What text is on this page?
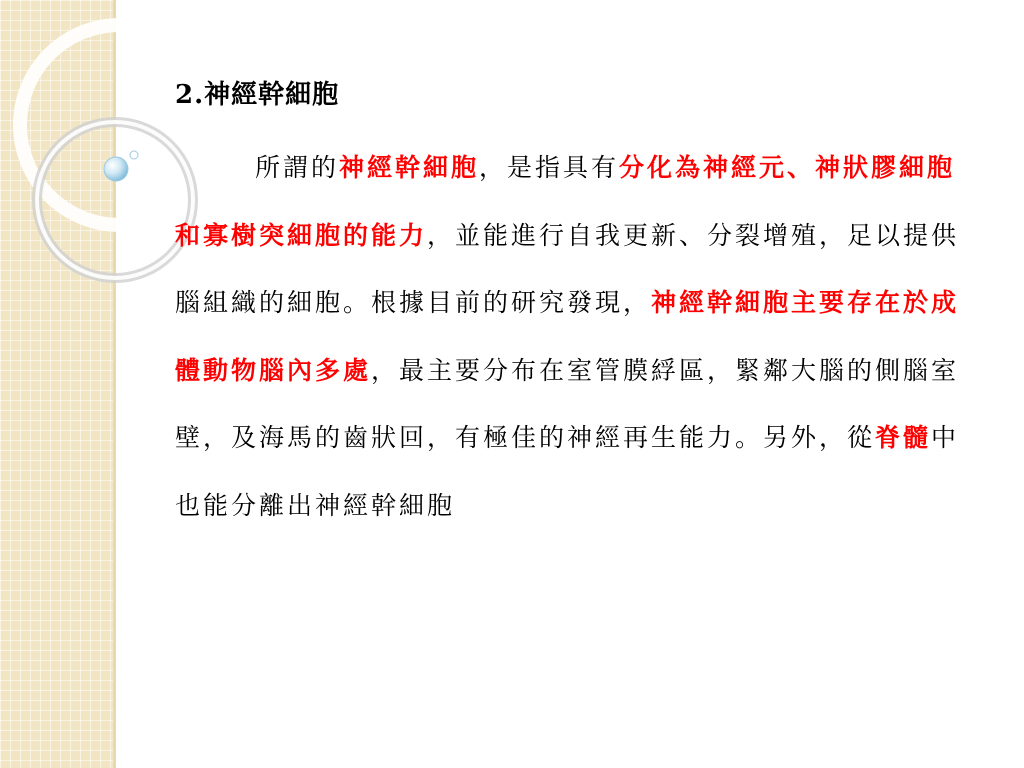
2.神經幹細胞

所謂的神經幹細胞，是指具有分化為神經元、神狀膠細胞和寡樹突細胞的能力，並能進行自我更新、分裂增殖，足以提供腦組織的細胞。根據目前的研究發現，神經幹細胞主要存在於成體動物腦內多處，最主要分布在室管膜綒區，緊鄰大腦的側腦室壁，及海馬的齒狀回，有極佳的神經再生能力。另外，從脊髓中也能分離出神經幹細胞
